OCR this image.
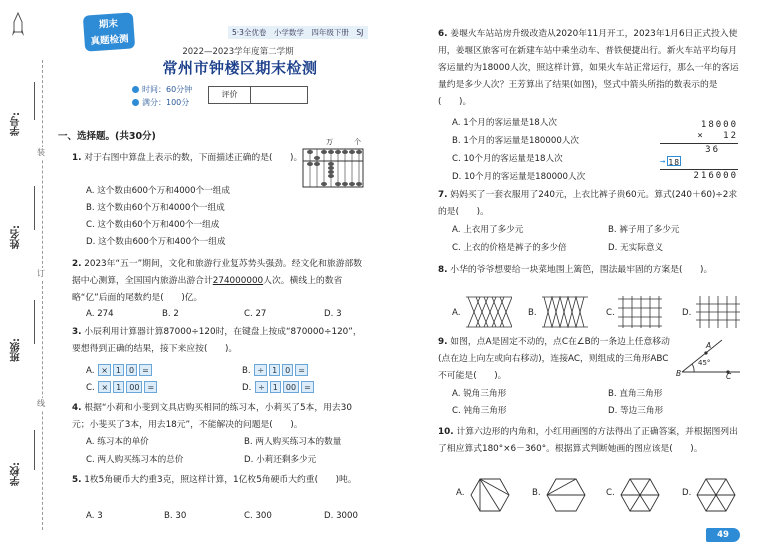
学校:
班级:
姓名:
学号:
装
订
线
期末
真题检测
5·3全优卷　小学数学　四年级下册　SJ
2022—2023学年度第二学期
常州市钟楼区期末检测
时间：60分钟
满分：100分
评价
一、选择题。(共30分)
1. 对于右图中算盘上表示的数，下面描述正确的是(　　)。
万	个
A. 这个数由600个万和4000个一组成
B. 这个数由60个万和4000个一组成
C. 这个数由60个万和400个一组成
D. 这个数由600个万和400个一组成
2. 2023年“五一”期间，文化和旅游行业复苏势头强劲。经文化和旅游部数据中心测算，全国国内旅游出游合计274000000人次。横线上的数省略“亿”后面的尾数约是(　　)亿。
A. 274	B. 2	C. 27	D. 3
3. 小辰利用计算器计算87000÷120时，在键盘上按成“870000÷120”，要想得到正确的结果，接下来应按(　　)。
A. × 1 0 =	B. ÷ 1 0 =
C. × 1 00 =	D. ÷ 1 00 =
4. 根据“小莉和小斐到文具店购买相同的练习本，小莉买了5本，用去30元；小斐买了3本，用去18元”，不能解决的问题是(　　)。
A. 练习本的单价	B. 两人购买练习本的数量
C. 两人购买练习本的总价	D. 小莉还剩多少元
5. 1枚5角硬币大约重3克，照这样计算，1亿枚5角硬币大约重(　　)吨。
A. 3	B. 30	C. 300	D. 3000
6. 姜堰火车站站房升级改造从2020年11月开工，2023年1月6日正式投入使用，姜堰区旅客可在新建车站中乘坐动车、普铁便捷出行。新火车站平均每月客运量约为18000人次，照这样计算，如果火车站正常运行，那么一年的客运量约是多少人次？王芳算出了结果(如图)，竖式中箭头所指的数表示的是(　　)。
A. 1个月的客运量是18人次
B. 1个月的客运量是180000人次
C. 10个月的客运量是18人次
D. 10个月的客运量是180000人次
18000
×　 12
36
→18
216000
7. 妈妈买了一套衣服用了240元，上衣比裤子贵60元。算式(240＋60)÷2求的是(　　)。
A. 上衣用了多少元	B. 裤子用了多少元
C. 上衣的价格是裤子的多少倍	D. 无实际意义
8. 小华的爷爷想要给一块菜地围上篱笆，围法最牢固的方案是(　　)。
A.	B.	C.	D.
9. 如图，点A是固定不动的，点C在∠B的一条边上任意移动(点在边上向左或向右移动)，连接AC，则组成的三角形ABC不可能是(　　)。
45°
A
B	C
A. 锐角三角形	B. 直角三角形
C. 钝角三角形	D. 等边三角形
10. 计算六边形的内角和，小红用画图的方法得出了正确答案，并根据图列出了相应算式180°×6－360°。根据算式判断她画的图应该是(　　)。
A.	B.	C.	D.
49
